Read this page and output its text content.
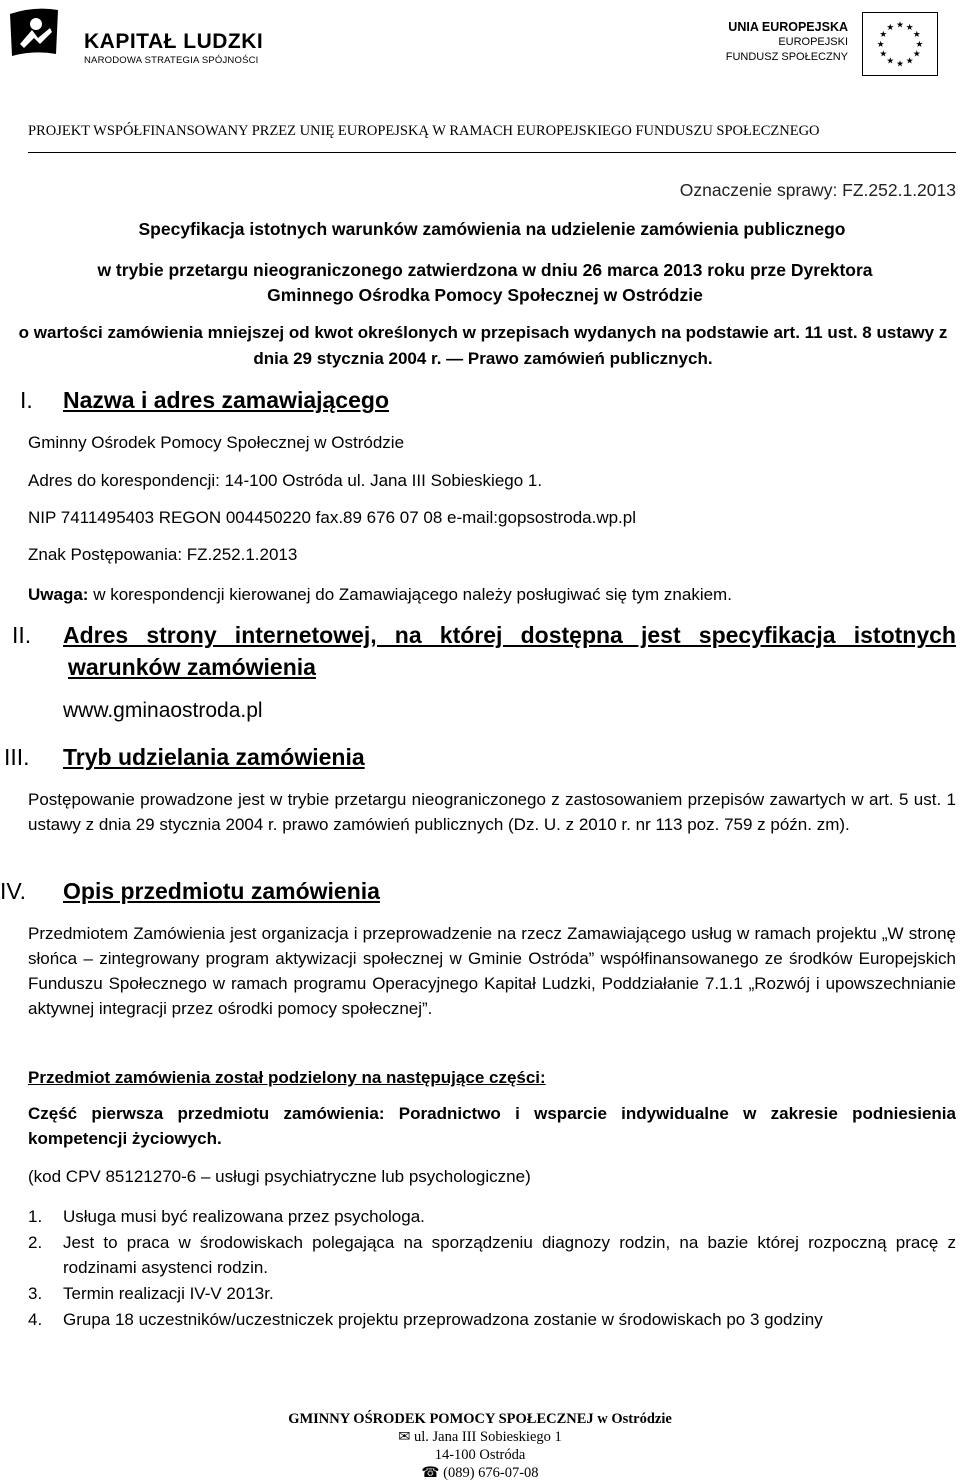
KAPITAŁ LUDZKI
NARODOWA STRATEGIA SPÓJNOŚCI
UNIA EUROPEJSKA
EUROPEJSKI
FUNDUSZ SPOŁECZNY
★
★
★
★
★
★
★
★
★ ★ ★
★
PROJEKT WSPÓŁFINANSOWANY PRZEZ UNIĘ EUROPEJSKĄ W RAMACH EUROPEJSKIEGO FUNDUSZU SPOŁECZNEGO
Oznaczenie sprawy: FZ.252.1.2013
Specyfikacja istotnych warunków zamówienia na udzielenie zamówienia publicznego
w trybie przetargu nieograniczonego zatwierdzona w dniu 26 marca 2013 roku prze Dyrektora Gminnego Ośrodka Pomocy Społecznej w Ostródzie
o wartości zamówienia mniejszej od kwot określonych w przepisach wydanych na podstawie art. 11 ust. 8 ustawy z dnia 29 stycznia 2004 r. — Prawo zamówień publicznych.
I. Nazwa i adres zamawiającego
Gminny Ośrodek Pomocy Społecznej w Ostródzie
Adres do korespondencji: 14-100 Ostróda ul. Jana III Sobieskiego 1.
NIP 7411495403 REGON 004450220 fax.89 676 07 08 e-mail:gopsostroda.wp.pl
Znak Postępowania: FZ.252.1.2013
Uwaga: w korespondencji kierowanej do Zamawiającego należy posługiwać się tym znakiem.
II. Adres strony internetowej, na której dostępna jest specyfikacja istotnych
warunków zamówienia
www.gminaostroda.pl
III. Tryb udzielania zamówienia
Postępowanie prowadzone jest w trybie przetargu nieograniczonego z zastosowaniem przepisów zawartych w art. 5 ust. 1 ustawy z dnia 29 stycznia 2004 r. prawo zamówień publicznych (Dz. U. z 2010 r. nr 113 poz. 759 z późn. zm).
IV. Opis przedmiotu zamówienia
Przedmiotem Zamówienia jest organizacja i przeprowadzenie na rzecz Zamawiającego usług w ramach projektu „W stronę słońca – zintegrowany program aktywizacji społecznej w Gminie Ostróda” współfinansowanego ze środków Europejskich Funduszu Społecznego w ramach programu Operacyjnego Kapitał Ludzki, Poddziałanie 7.1.1 „Rozwój i upowszechnianie aktywnej integracji przez ośrodki pomocy społecznej”.
Przedmiot zamówienia został podzielony na następujące części:
Część pierwsza przedmiotu zamówienia: Poradnictwo i wsparcie indywidualne w zakresie podniesienia kompetencji życiowych.
(kod CPV 85121270-6 – usługi psychiatryczne lub psychologiczne)
1.	Usługa musi być realizowana przez psychologa.
2.	Jest to praca w środowiskach polegająca na sporządzeniu diagnozy rodzin, na bazie której rozpoczną pracę z rodzinami asystenci rodzin.
3.	Termin realizacji IV-V 2013r.
4.	Grupa 18 uczestników/uczestniczek projektu przeprowadzona zostanie w środowiskach po 3 godziny
GMINNY OŚRODEK POMOCY SPOŁECZNEJ w Ostródzie
✉ ul. Jana III Sobieskiego 1
14-100 Ostróda
☎ (089) 676-07-08
